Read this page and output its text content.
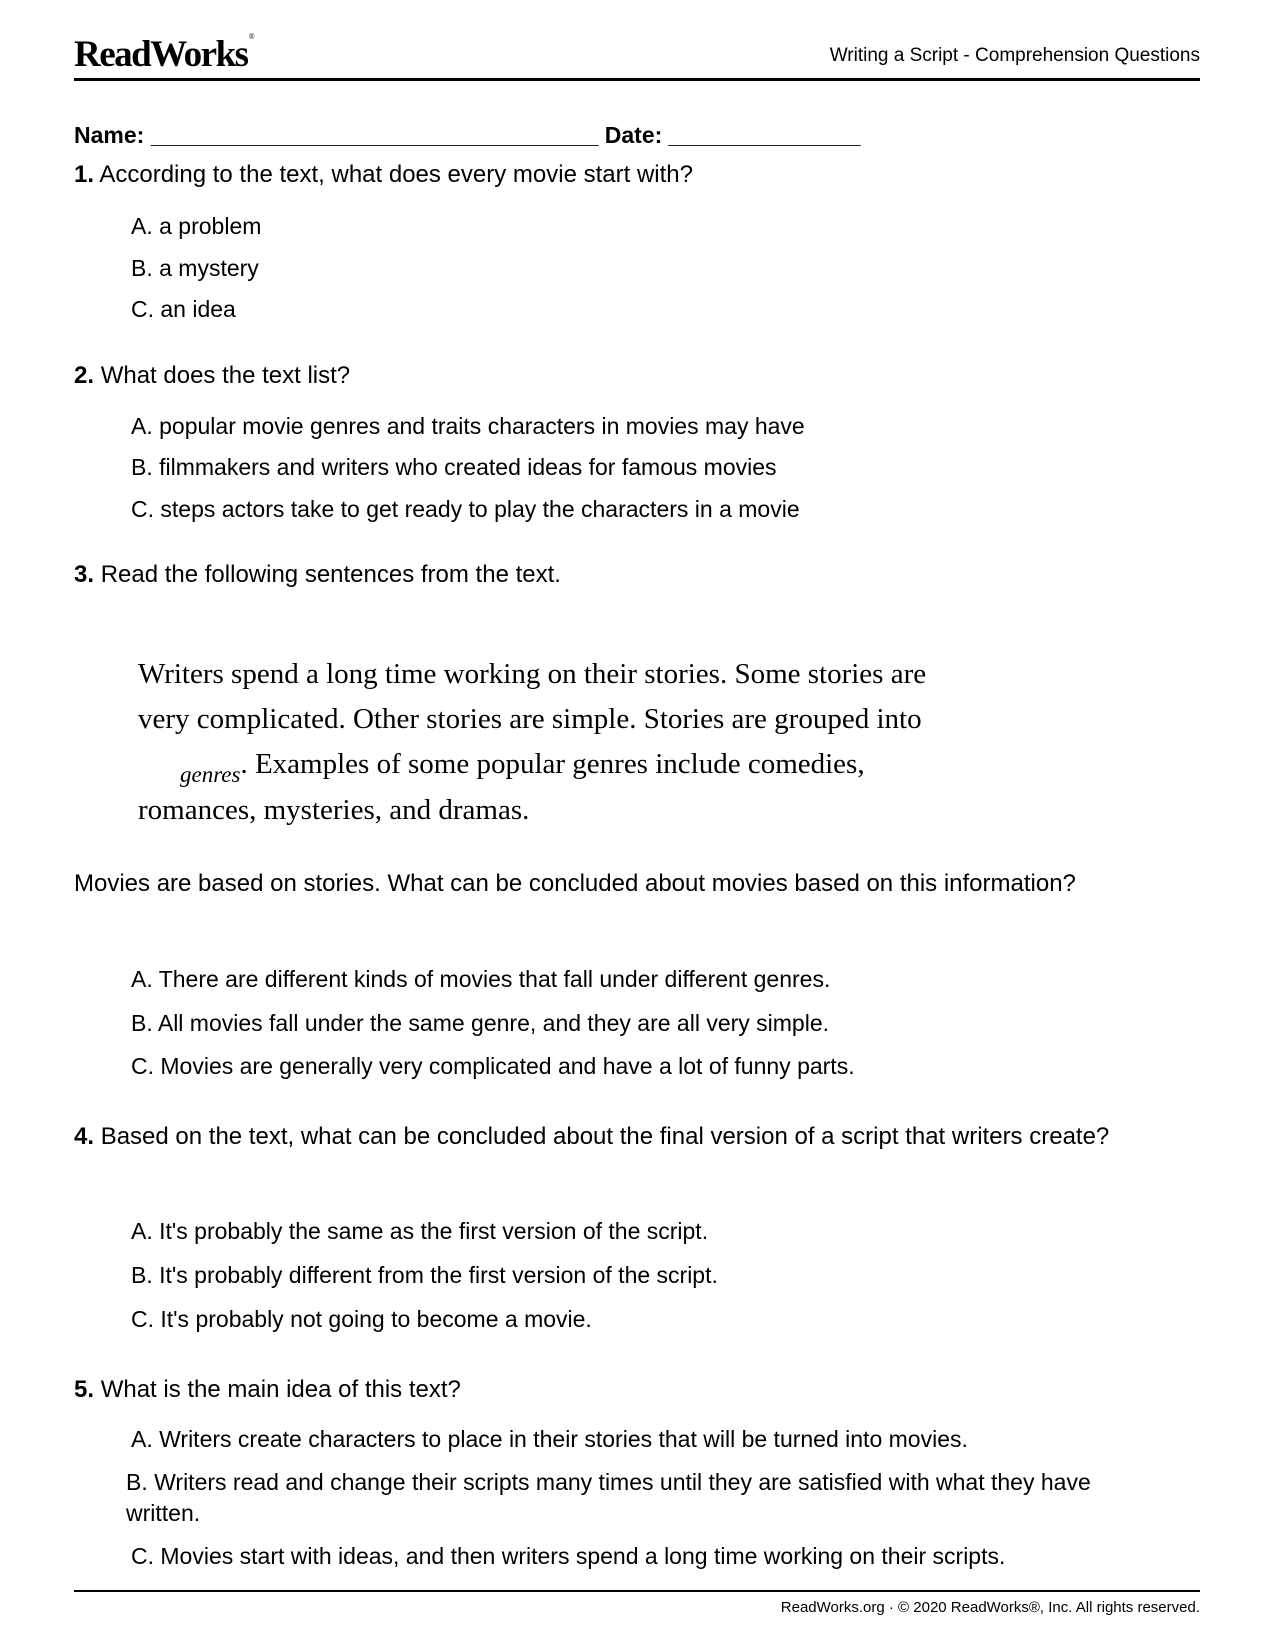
ReadWorks®
Writing a Script - Comprehension Questions
Name: ___________________________________ Date: _______________
1. According to the text, what does every movie start with?
A. a problem
B. a mystery
C. an idea
2. What does the text list?
A. popular movie genres and traits characters in movies may have
B. filmmakers and writers who created ideas for famous movies
C. steps actors take to get ready to play the characters in a movie
3. Read the following sentences from the text.
Writers spend a long time working on their stories. Some stories are very complicated. Other stories are simple. Stories are grouped into$_{genres}$. Examples of some popular genres include comedies, romances, mysteries, and dramas.
Movies are based on stories. What can be concluded about movies based on this information?
A. There are different kinds of movies that fall under different genres.
B. All movies fall under the same genre, and they are all very simple.
C. Movies are generally very complicated and have a lot of funny parts.
4. Based on the text, what can be concluded about the final version of a script that writers create?
A. It's probably the same as the first version of the script.
B. It's probably different from the first version of the script.
C. It's probably not going to become a movie.
5. What is the main idea of this text?
A. Writers create characters to place in their stories that will be turned into movies.
B. Writers read and change their scripts many times until they are satisfied with what they have written.
C. Movies start with ideas, and then writers spend a long time working on their scripts.
ReadWorks.org · © 2020 ReadWorks®, Inc. All rights reserved.
